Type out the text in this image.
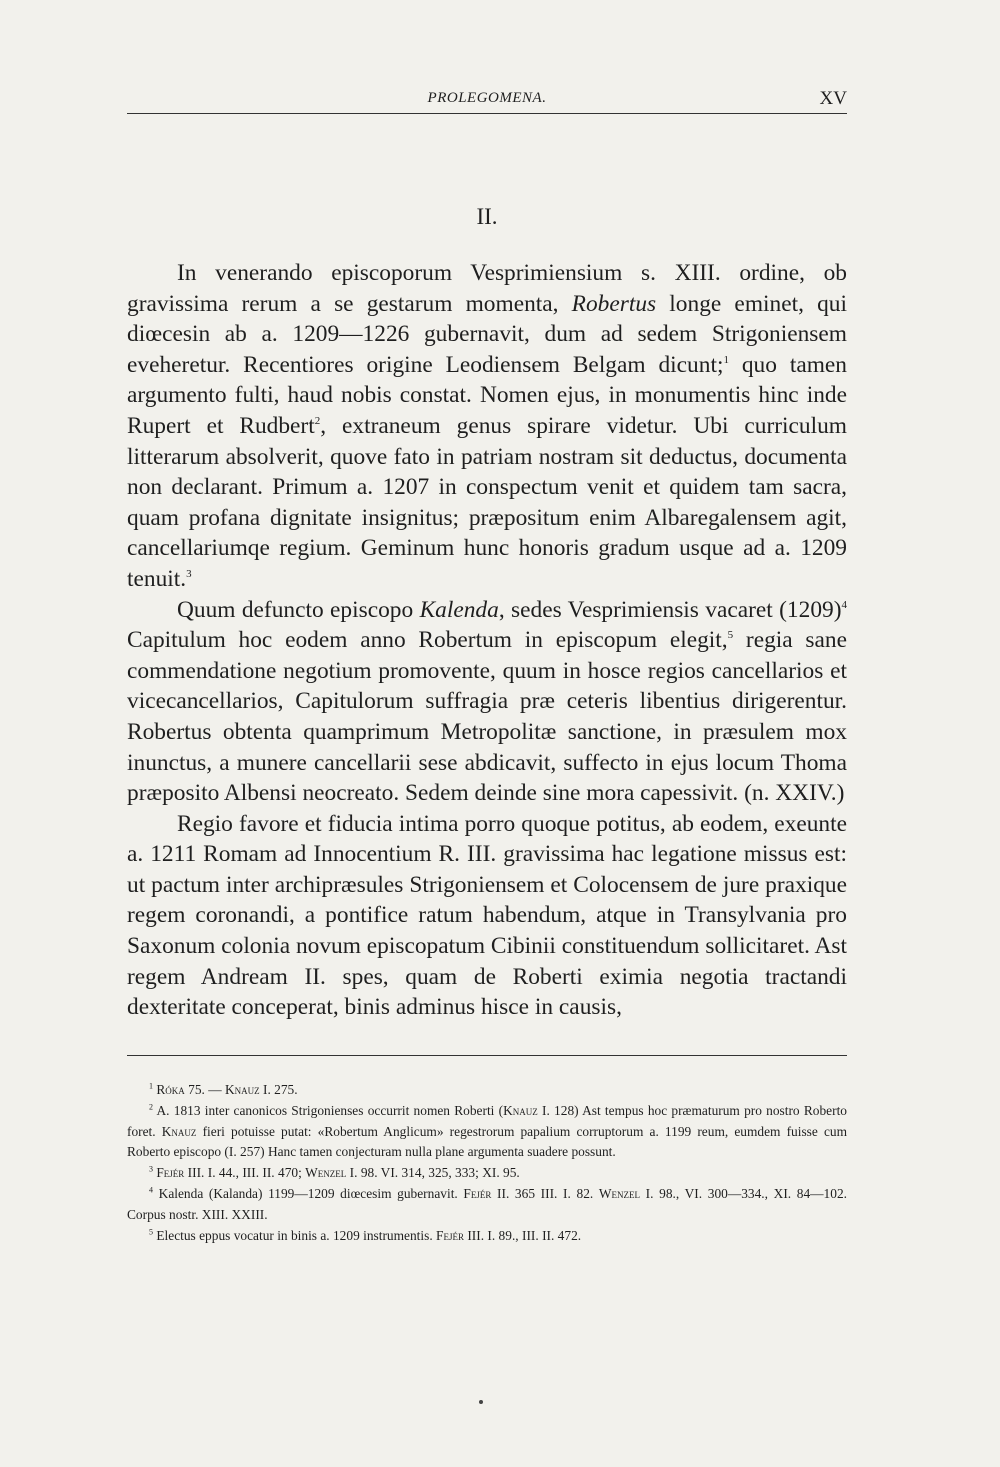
PROLEGOMENA.	XV
II.

In venerando episcoporum Vesprimiensium s. XIII. ordine, ob gravissima rerum a se gestarum momenta, Robertus longe eminet, qui diœcesin ab a. 1209—1226 gubernavit, dum ad sedem Strigoniensem eveheretur. Recentiores origine Leodiensem Belgam dicunt;$^1$ quo tamen argumento fulti, haud nobis constat. Nomen ejus, in monumentis hinc inde Rupert et Rudbert$^2$, extraneum genus spirare videtur. Ubi curriculum litterarum absolverit, quove fato in patriam nostram sit deductus, documenta non declarant. Primum a. 1207 in conspectum venit et quidem tam sacra, quam profana dignitate insignitus; præpositum enim Albaregalensem agit, cancellariumqe regium. Geminum hunc honoris gradum usque ad a. 1209 tenuit.$^3$

Quum defuncto episcopo Kalenda, sedes Vesprimiensis vacaret $(1209)^4$ Capitulum hoc eodem anno Robertum in episcopum elegit,$^5$ regia sane commendatione negotium promovente, quum in hosce regios cancellarios et vicecancellarios, Capitulorum suffragia præ ceteris libentius dirigerentur. Robertus obtenta quamprimum Metropolitæ sanctione, in præsulem mox inunctus, a munere cancellarii sese abdicavit, suffecto in ejus locum Thoma præposito Albensi neocreato. Sedem deinde sine mora capessivit. (n. XXIV.)

Regio favore et fiducia intima porro quoque potitus, ab eodem, exeunte a. 1211 Romam ad Innocentium R. III. gravissima hac legatione missus est: ut pactum inter archipræsules Strigoniensem et Colocensem de jure praxique regem coronandi, a pontifice ratum habendum, atque in Transylvania pro Saxonum colonia novum episcopatum Cibinii constituendum sollicitaret. Ast regem Andream II. spes, quam de Roberti eximia negotia tractandi dexteritate conceperat, binis adminus hisce in causis,

$^1$ Róka 75. — Knauz I. 275.

$^2$ A. 1813 inter canonicos Strigonienses occurrit nomen Roberti (Knauz I. 128) Ast tempus hoc præmaturum pro nostro Roberto foret. Knauz fieri potuisse putat: «Robertum Anglicum» regestrorum papalium corruptorum a. 1199 reum, eumdem fuisse cum Roberto episcopo (I. 257) Hanc tamen conjecturam nulla plane argumenta suadere possunt.

$^3$ Fejér III. I. 44., III. II. 470; Wenzel I. 98. VI. 314, 325, 333; XI. 95.

$^4$ Kalenda (Kalanda) 1199—1209 diœcesim gubernavit. Fejér II. 365 III. I. 82. Wenzel I. 98., VI. 300—334., XI. 84—102. Corpus nostr. XIII. XXIII.

$^5$ Electus eppus vocatur in binis a. 1209 instrumentis. Fejér III. I. 89., III. II. 472.
